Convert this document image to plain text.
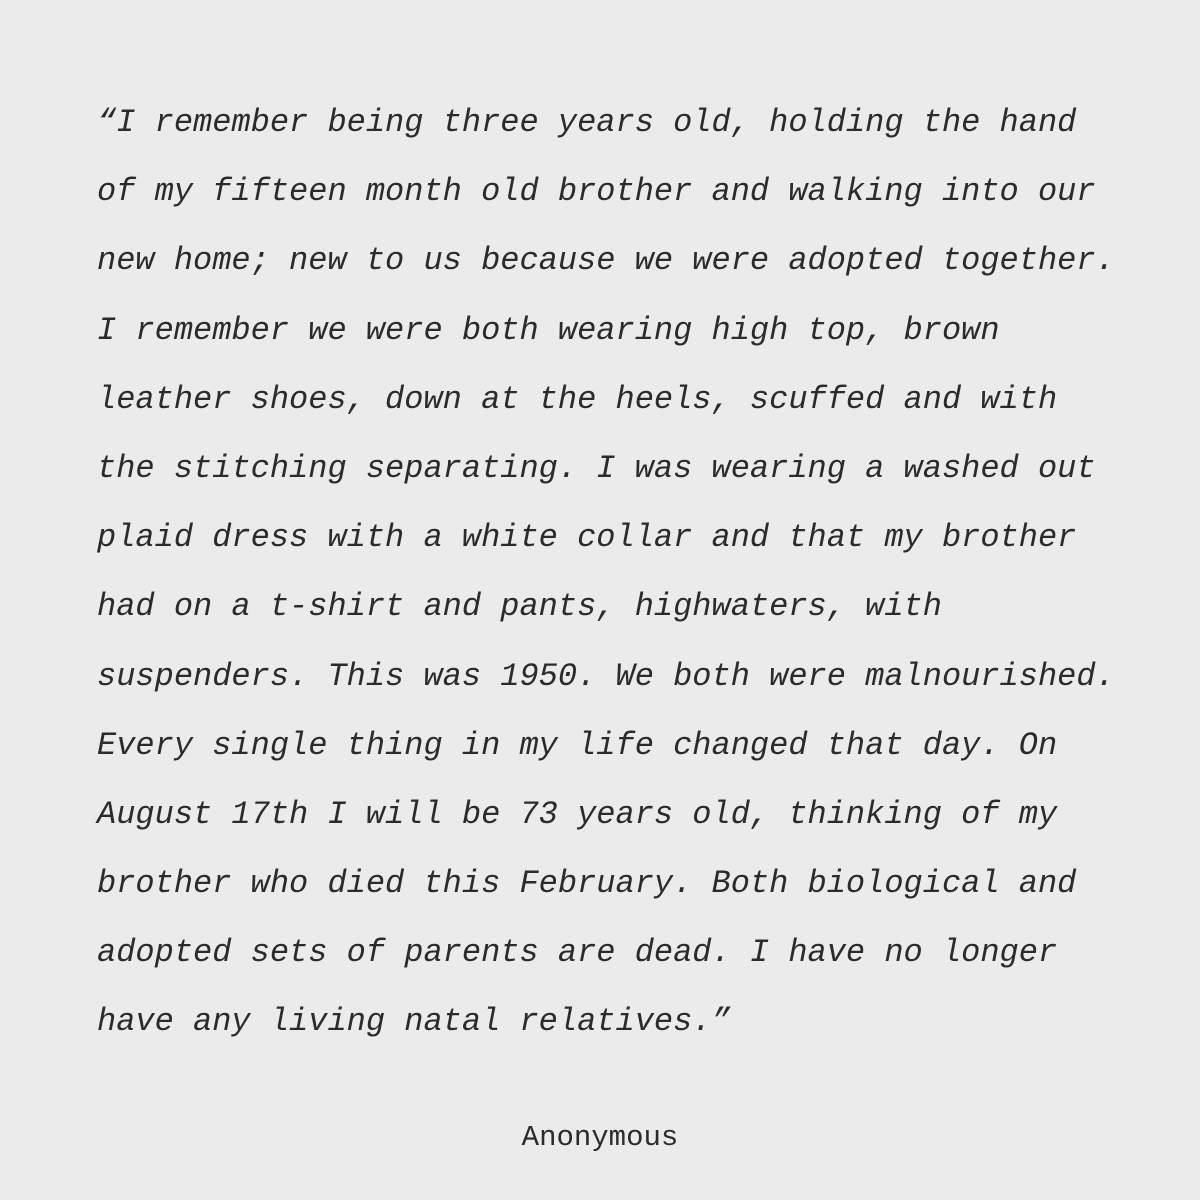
“I remember being three years old, holding the hand
of my fifteen month old brother and walking into our
new home; new to us because we were adopted together.
I remember we were both wearing high top, brown
leather shoes, down at the heels, scuffed and with
the stitching separating. I was wearing a washed out
plaid dress with a white collar and that my brother
had on a t-shirt and pants, highwaters, with
suspenders. This was 1950. We both were malnourished.
Every single thing in my life changed that day. On
August 17th I will be 73 years old, thinking of my
brother who died this February. Both biological and
adopted sets of parents are dead. I have no longer
have any living natal relatives.”

Anonymous
